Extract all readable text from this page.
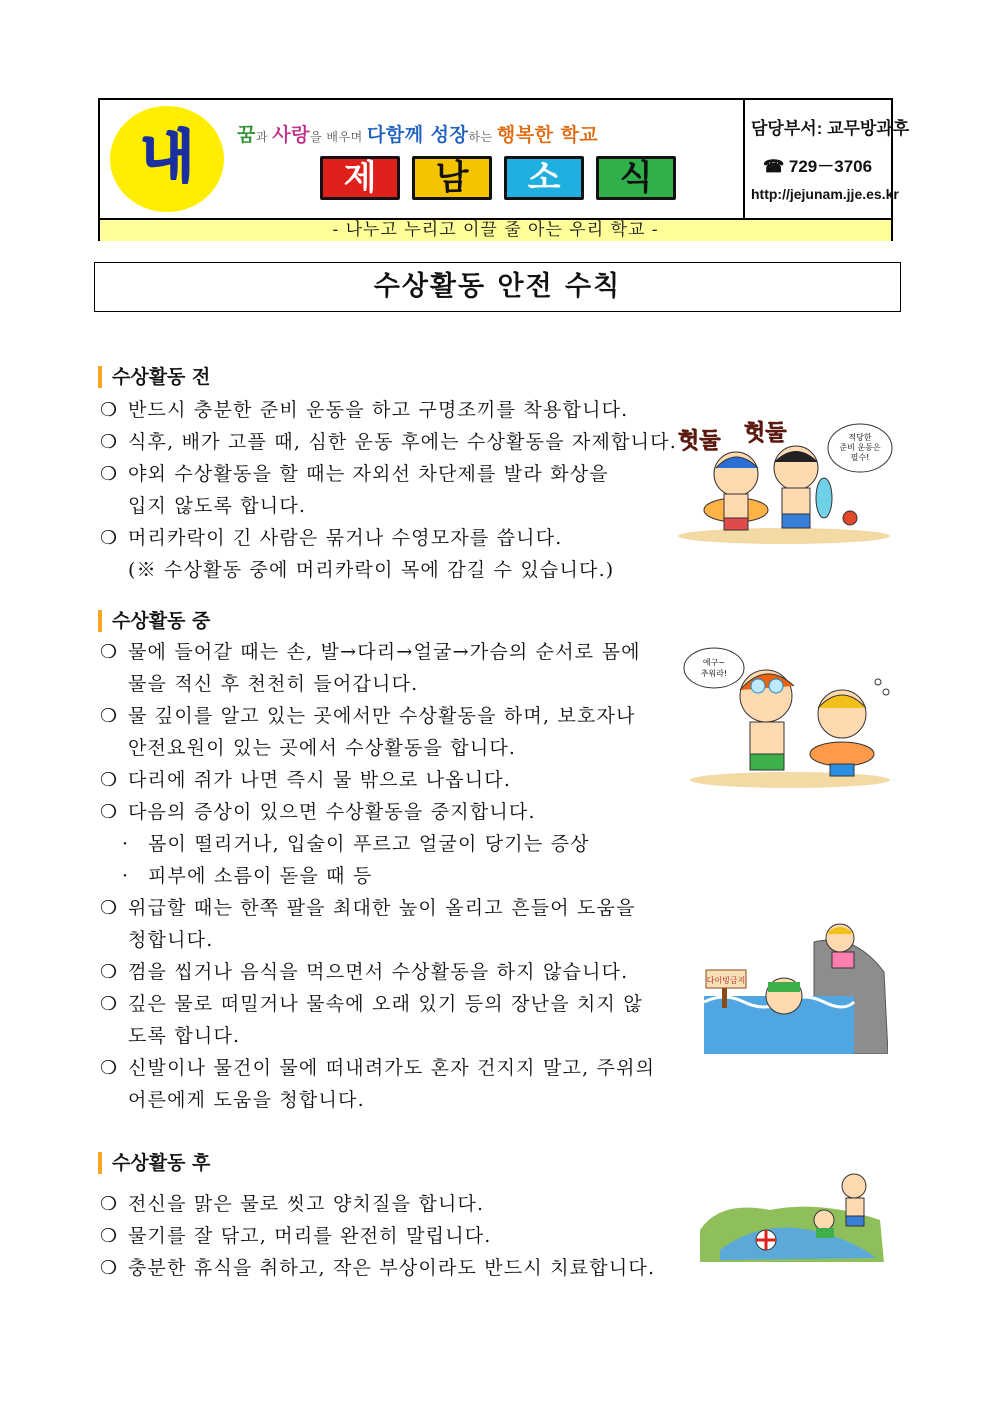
내 꿈과 사랑을 배우며 다함께 성장하는 행복한 학교
제	남	소	식
담당부서: 교무방과후
☎ 729－3706
http://jejunam.jje.es.kr
- 나누고 누리고 이끌 줄 아는 우리 학교 -
수상활동 안전 수칙
수상활동 전
❍ 반드시 충분한 준비 운동을 하고 구명조끼를 착용합니다.
❍ 식후, 배가 고플 때, 심한 운동 후에는 수상활동을 자제합니다.
❍ 야외 수상활동을 할 때는 자외선 차단제를 발라 화상을
입지 않도록 합니다.
❍ 머리카락이 긴 사람은 묶거나 수영모자를 씁니다.
(※ 수상활동 중에 머리카락이 목에 감길 수 있습니다.)
헛둘 헛둘	적당한
준비 운동은
필수!
수상활동 중
❍ 물에 들어갈 때는 손, 발→다리→얼굴→가슴의 순서로 몸에
물을 적신 후 천천히 들어갑니다.
❍ 물 깊이를 알고 있는 곳에서만 수상활동을 하며, 보호자나
안전요원이 있는 곳에서 수상활동을 합니다.
❍ 다리에 쥐가 나면 즉시 물 밖으로 나옵니다.
❍ 다음의 증상이 있으면 수상활동을 중지합니다.
· 몸이 떨리거나, 입술이 푸르고 얼굴이 당기는 증상
· 피부에 소름이 돋을 때 등
❍ 위급할 때는 한쪽 팔을 최대한 높이 올리고 흔들어 도움을
청합니다.
❍ 껌을 씹거나 음식을 먹으면서 수상활동을 하지 않습니다.
❍ 깊은 물로 떠밀거나 물속에 오래 있기 등의 장난을 치지 않
도록 합니다.
❍ 신발이나 물건이 물에 떠내려가도 혼자 건지지 말고, 주위의
어른에게 도움을 청합니다.
에구~
추워라!
다이빙금지
수상활동 후
❍ 전신을 맑은 물로 씻고 양치질을 합니다.
❍ 물기를 잘 닦고, 머리를 완전히 말립니다.
❍ 충분한 휴식을 취하고, 작은 부상이라도 반드시 치료합니다.
